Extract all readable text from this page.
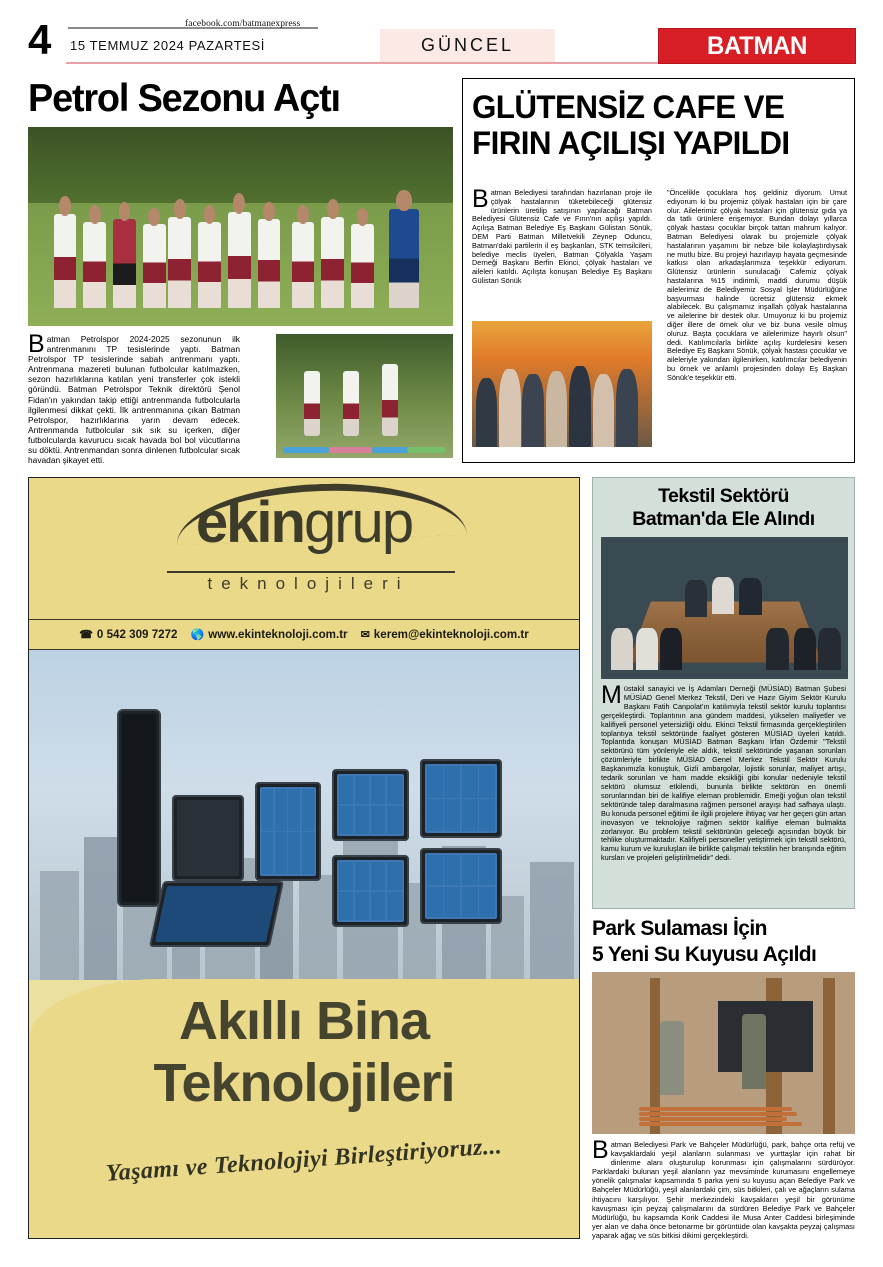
4	facebook.com/batmanexpress
15 TEMMUZ 2024 PAZARTESİ	GÜNCEL	BATMAN EXPRESS
Petrol Sezonu Açtı
Batman Petrolspor 2024-2025 sezonunun ilk antrenmanını TP tesislerinde yaptı. Batman Petrolspor TP tesislerinde sabah antrenmanı yaptı. Antrenmana mazereti bulunan futbolcular katılmazken, sezon hazırlıklarına katılan yeni transferler çok istekli göründü. Batman Petrolspor Teknik direktörü Şenol Fidan'ın yakından takip ettiği antrenmanda futbolcularla ilgilenmesi dikkat çekti. İlk antrenmanına çıkan Batman Petrolspor, hazırlıklarına yarın devam edecek. Antrenmanda futbolcular sık sık su içerken, diğer futbolcularda kavurucu sıcak havada bol bol vücutlarına su döktü. Antrenmandan sonra dinlenen futbolcular sıcak havadan şikayet etti.
GLÜTENSİZ CAFE VE
FIRIN AÇILIŞI YAPILDI
Batman Belediyesi tarafından hazırlanan proje ile çölyak hastalarının tüketebileceği glütensiz ürünlerin üretilip satışının yapılacağı Batman Belediyesi Glütensiz Cafe ve Fırın'nın açılışı yapıldı. Açılışa Batman Belediye Eş Başkanı Gülistan Sönük, DEM Parti Batman Milletvekili Zeynep Oduncu, Batman'daki partilerin il eş başkanları, STK temsilcileri, belediye meclis üyeleri, Batman Çölyakla Yaşam Derneği Başkanı Berfin Ekinci, çölyak hastaları ve aileleri katıldı. Açılışta konuşan Belediye Eş Başkanı Gülistan Sönük
"Öncelikle çocuklara hoş geldiniz diyorum. Umut ediyorum ki bu projemiz çölyak hastaları için bir çare olur. Ailelerimiz çölyak hastaları için glütensiz gıda ya da tatlı ürünlere erişemiyor. Bundan dolayı yıllarca çölyak hastası çocuklar birçok tattan mahrum kalıyor. Batman Belediyesi olarak bu projemizle çölyak hastalarının yaşamını bir nebze bile kolaylaştırdıysak ne mutlu bize. Bu projeyi hazırlayıp hayata geçmesinde katkısı olan arkadaşlarımıza teşekkür ediyorum. Glütensiz ürünlerin sunulacağı Cafemiz çölyak hastalarına %15 indirimli, maddi durumu düşük ailelerimiz de Belediyemiz Sosyal İşler Müdürlüğüne başvurması halinde ücretsiz glütensiz ekmek alabilecek. Bu çalışmamız inşallah çölyak hastalarına ve ailelerine bir destek olur. Umuyoruz ki bu projemiz diğer illere de örnek olur ve biz buna vesile olmuş oluruz. Başta çocuklara ve ailelerimize hayırlı olsun" dedi. Katılımcılarla birlikte açılış kurdelesini kesen Belediye Eş Başkanı Sönük, çölyak hastası çocuklar ve aileleriyle yakından ilgilenirken, katılımcılar belediyenin bu örnek ve anlamlı projesinden dolayı Eş Başkan Sönük'e teşekkür etti.
ekingrup
teknolojileri
☎ 0 542 309 7272 🌎 www.ekinteknoloji.com.tr ✉ kerem@ekinteknoloji.com.tr
Akıllı Bina
Teknolojileri
Yaşamı ve Teknolojiyi Birleştiriyoruz...
Tekstil Sektörü
Batman'da Ele Alındı
Müstakil sanayici ve İş Adamları Derneği (MÜSİAD) Batman Şubesi MÜSİAD Genel Merkez Tekstil, Deri ve Hazır Giyim Sektör Kurulu Başkanı Fatih Canpolat'ın katılımıyla tekstil sektör kurulu toplantısı gerçekleştirdi. Toplantının ana gündem maddesi, yükselen maliyetler ve kalifiyeli personel yetersizliği oldu. Ekinci Tekstil firmasında gerçekleştirilen toplantıya tekstil sektöründe faaliyet gösteren MÜSİAD üyeleri katıldı. Toplantıda konuşan MÜSİAD Batman Başkanı İrfan Özdemir "Tekstil sektörünü tüm yönleriyle ele aldık, tekstil sektöründe yaşanan sorunları çözümleriyle birlikte MÜSİAD Genel Merkez Tekstil Sektör Kurulu Başkanımızla konuştuk, Gizli ambargolar, lojistik sorunlar, maliyet artışı, tedarik sorunları ve ham madde eksikliği gibi konular nedeniyle tekstil sektörü olumsuz etkilendi, bununla birlikte sektörün en önemli sorunlarından biri de kalifiye eleman problemidir. Emeği yoğun olan tekstil sektöründe talep daralmasına rağmen personel arayışı had safhaya ulaştı. Bu konuda personel eğitimi ile ilgili projelere ihtiyaç var her geçen gün artan inovasyon ve teknolojiye rağmen sektör kalifiye eleman bulmakta zorlanıyor. Bu problem tekstil sektörünün geleceği açısından büyük bir tehlike oluşturmaktadır. Kalifiyeli personeller yetiştirmek için tekstil sektörü, kamu kurum ve kuruluşları ile birlikte çalışmalı tekstilin her branşında eğitim kursları ve projeleri geliştirilmelidir" dedi.
Park Sulaması İçin
5 Yeni Su Kuyusu Açıldı
Batman Belediyesi Park ve Bahçeler Müdürlüğü, park, bahçe orta refüj ve kavşaklardaki yeşil alanların sulanması ve yurttaşlar için rahat bir dinlenme alanı oluşturulup korunması için çalışmalarını sürdürüyor. Parklardaki bulunan yeşil alanların yaz mevsiminde kurumasını engellemeye yönelik çalışmalar kapsamında 5 parka yeni su kuyusu açan Belediye Park ve Bahçeler Müdürlüğü, yeşil alanlardaki çim, süs bitkileri, çalı ve ağaçların sulama ihtiyacını karşılıyor. Şehir merkezindeki kavşakların yeşil bir görünüme kavuşması için peyzaj çalışmalarını da sürdüren Belediye Park ve Bahçeler Müdürlüğü, bu kapsamda Korik Caddesi ile Musa Anter Caddesi birleşiminde yer alan ve daha önce betonarme bir görüntüde olan kavşakta peyzaj çalışması yaparak ağaç ve süs bitkisi dikimi gerçekleştirdi.
